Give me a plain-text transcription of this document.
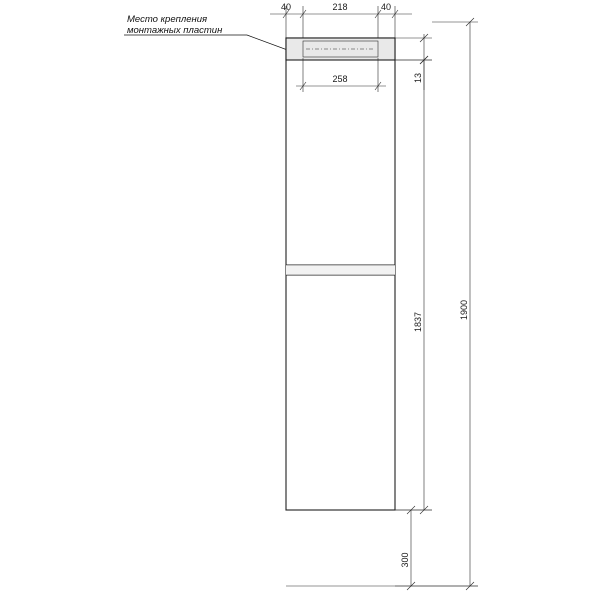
40	218	40
Место крепления
монтажных пластин
258	13
1837
1900
300
